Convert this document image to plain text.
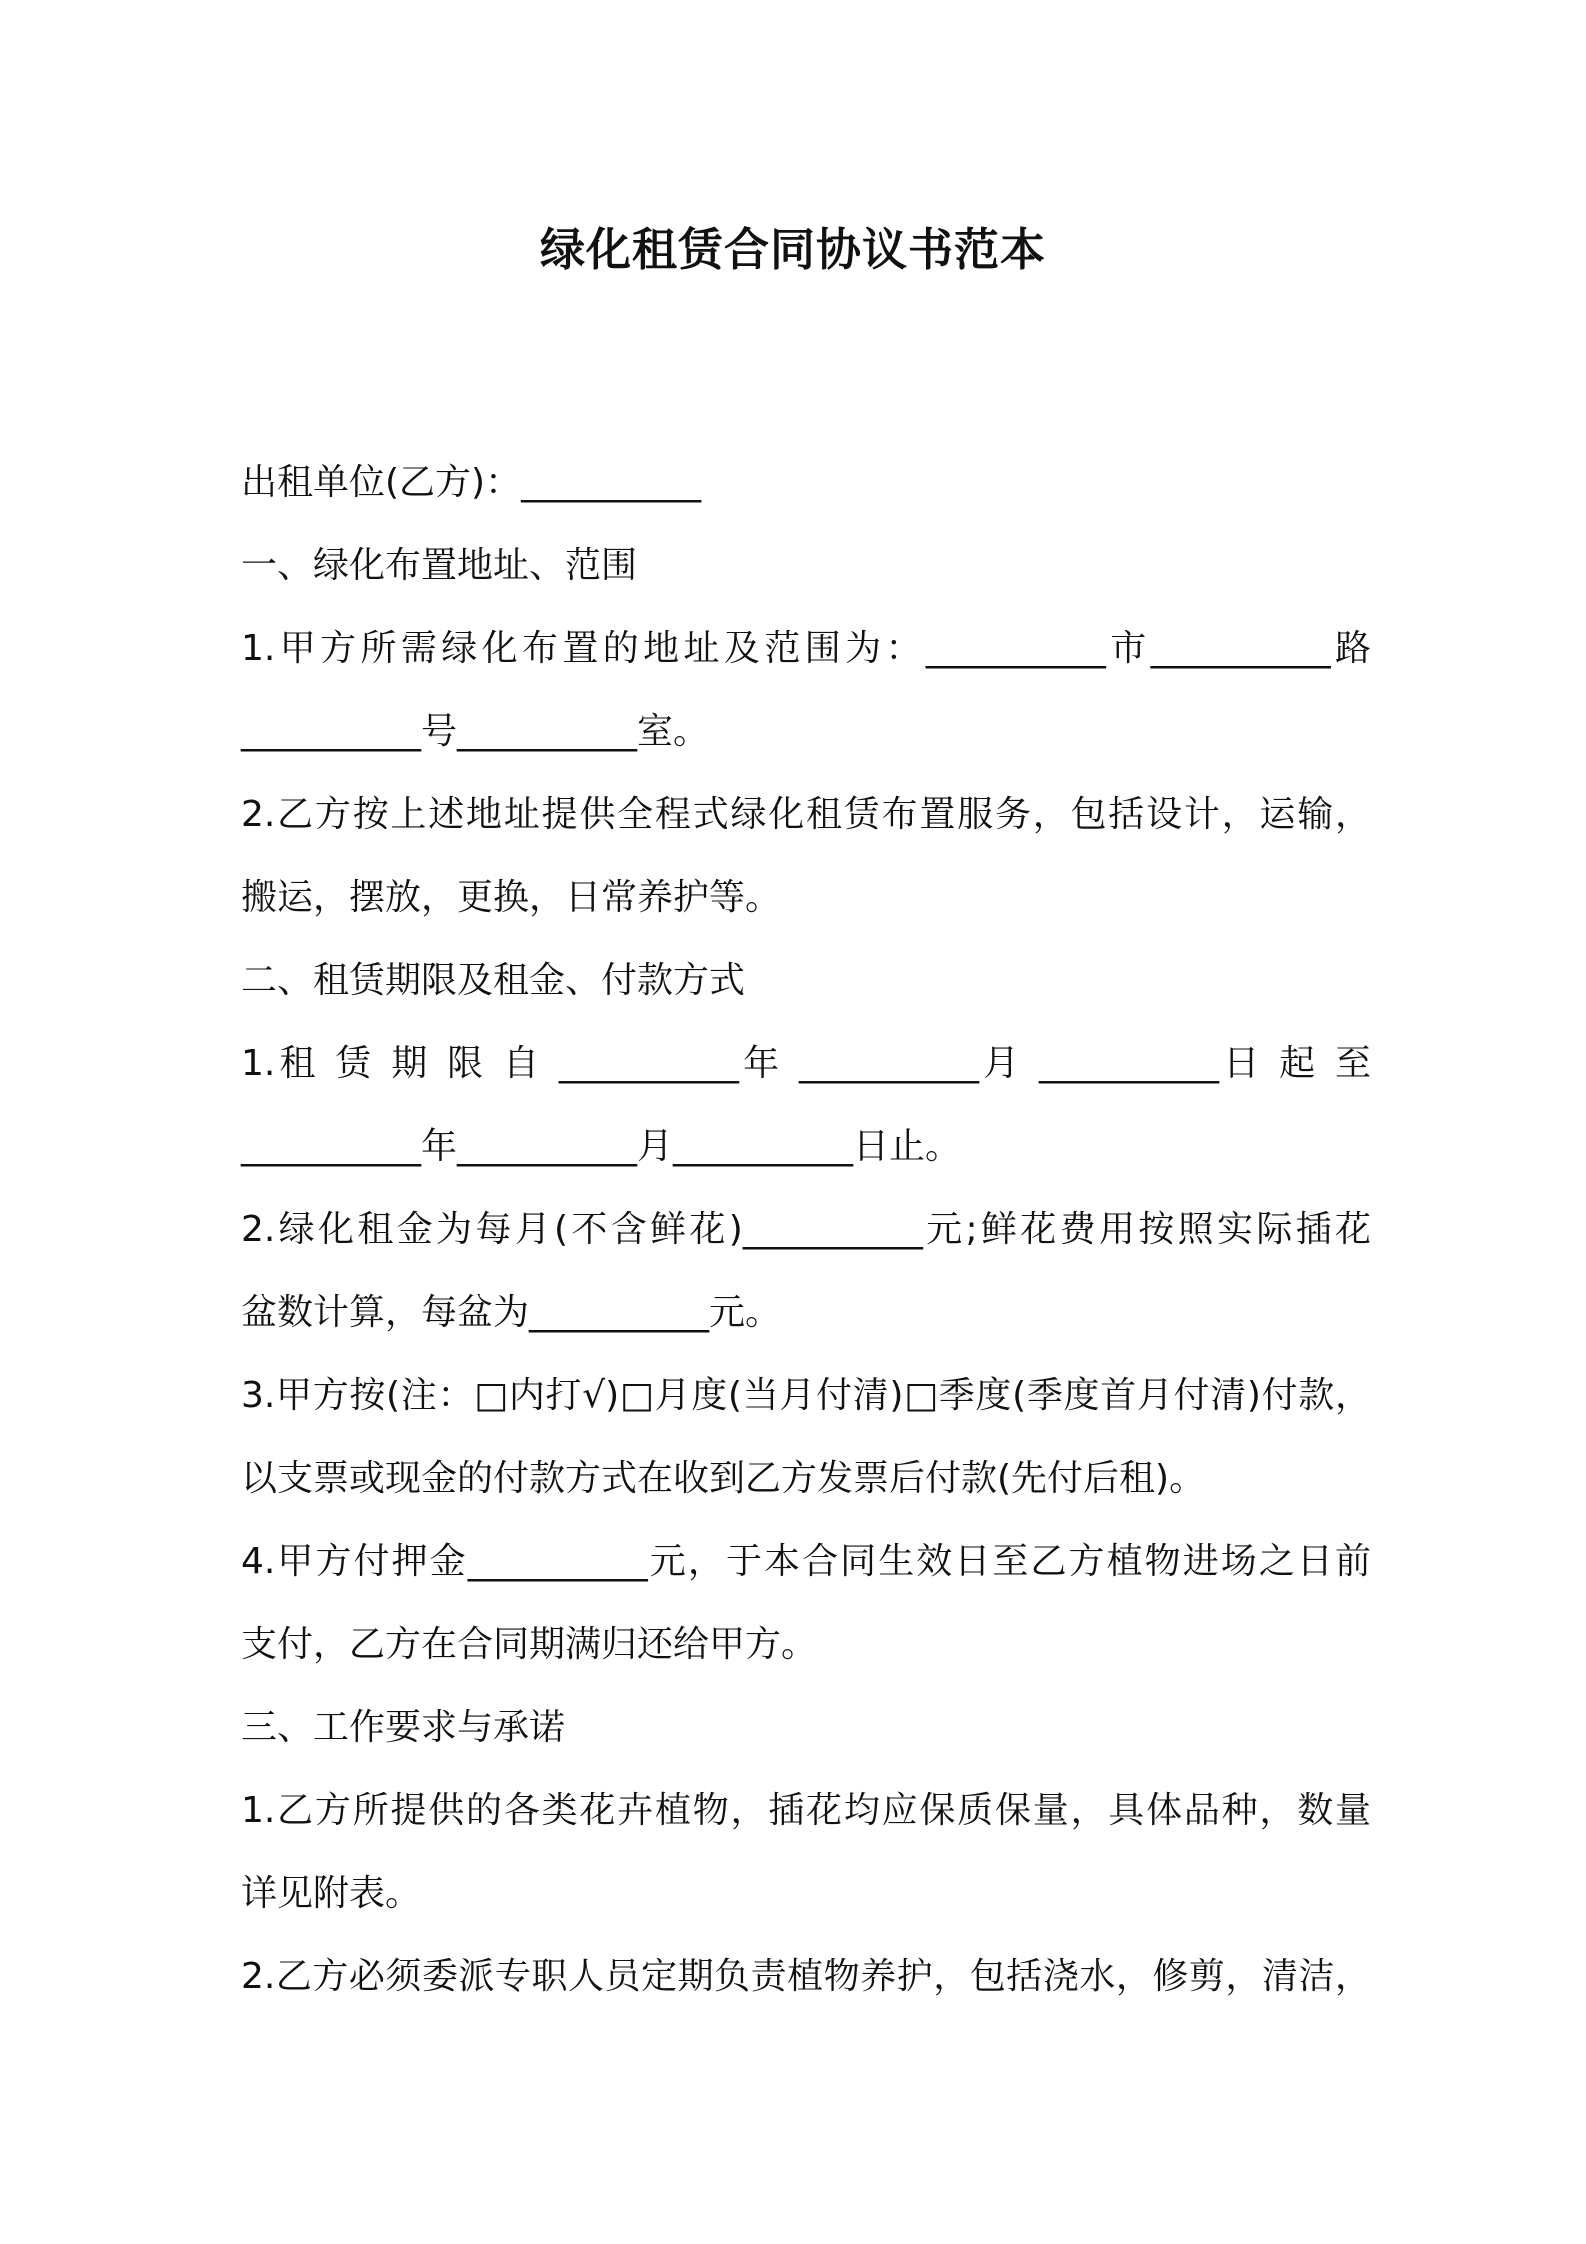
绿化租赁合同协议书范本
出租单位(乙方)：__________
一、绿化布置地址、范围
1.甲方所需绿化布置的地址及范围为：__________市__________路
__________号__________室。
2.乙方按上述地址提供全程式绿化租赁布置服务，包括设计，运输，
搬运，摆放，更换，日常养护等。
二、租赁期限及租金、付款方式
1.租 赁 期 限 自 __________年 __________月 __________日 起 至
__________年__________月__________日止。
2.绿化租金为每月(不含鲜花)__________元;鲜花费用按照实际插花
盆数计算，每盆为__________元。
3.甲方按(注：□内打√)□月度(当月付清)□季度(季度首月付清)付款，
以支票或现金的付款方式在收到乙方发票后付款(先付后租)。
4.甲方付押金__________元，于本合同生效日至乙方植物进场之日前
支付，乙方在合同期满归还给甲方。
三、工作要求与承诺
1.乙方所提供的各类花卉植物，插花均应保质保量，具体品种，数量
详见附表。
2.乙方必须委派专职人员定期负责植物养护，包括浇水，修剪，清洁，
